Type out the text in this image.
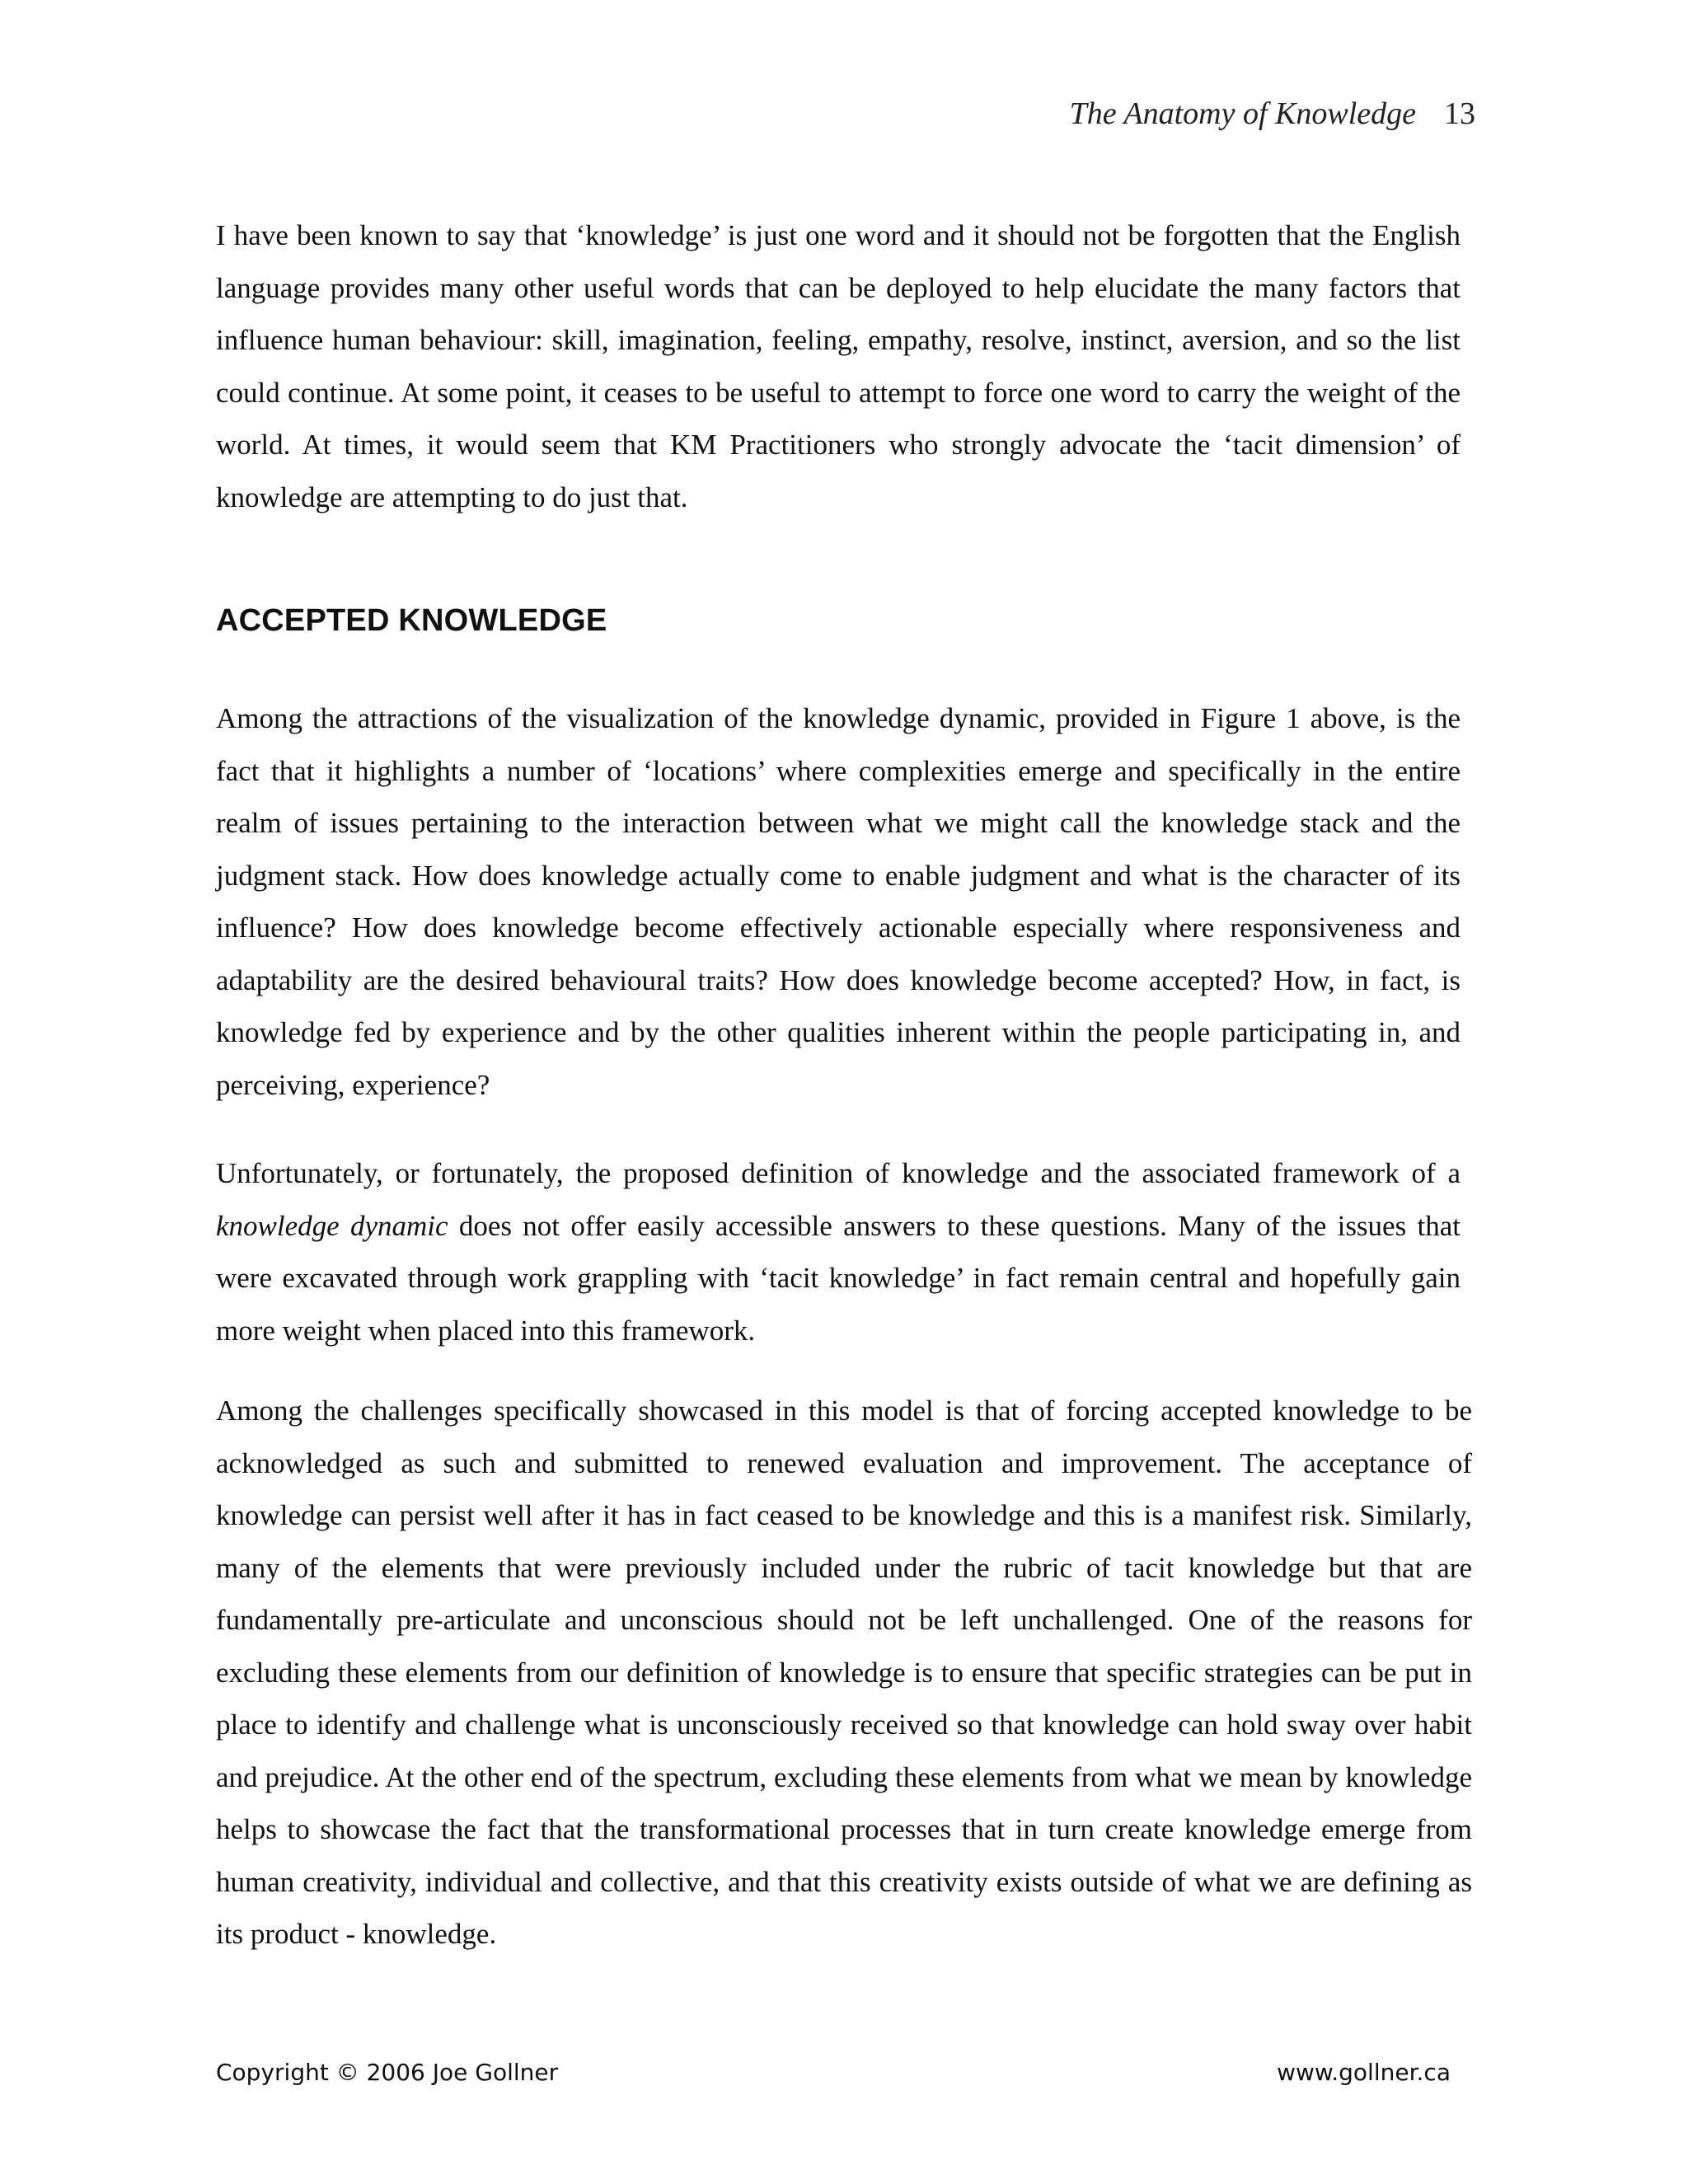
The Anatomy of Knowledge 13

I have been known to say that ‘knowledge’ is just one word and it should not be forgotten that the English language provides many other useful words that can be deployed to help elucidate the many factors that influence human behaviour: skill, imagination, feeling, empathy, resolve, instinct, aversion, and so the list could continue. At some point, it ceases to be useful to attempt to force one word to carry the weight of the world. At times, it would seem that KM Practitioners who strongly advocate the ‘tacit dimension’ of knowledge are attempting to do just that.

ACCEPTED KNOWLEDGE

Among the attractions of the visualization of the knowledge dynamic, provided in Figure 1 above, is the fact that it highlights a number of ‘locations’ where complexities emerge and specifically in the entire realm of issues pertaining to the interaction between what we might call the knowledge stack and the judgment stack. How does knowledge actually come to enable judgment and what is the character of its influence? How does knowledge become effectively actionable especially where responsiveness and adaptability are the desired behavioural traits? How does knowledge become accepted? How, in fact, is knowledge fed by experience and by the other qualities inherent within the people participating in, and perceiving, experience?

Unfortunately, or fortunately, the proposed definition of knowledge and the associated framework of a knowledge dynamic does not offer easily accessible answers to these questions. Many of the issues that were excavated through work grappling with ‘tacit knowledge’ in fact remain central and hopefully gain more weight when placed into this framework.

Among the challenges specifically showcased in this model is that of forcing accepted knowledge to be acknowledged as such and submitted to renewed evaluation and improvement. The acceptance of knowledge can persist well after it has in fact ceased to be knowledge and this is a manifest risk. Similarly, many of the elements that were previously included under the rubric of tacit knowledge but that are fundamentally pre-articulate and unconscious should not be left unchallenged. One of the reasons for excluding these elements from our definition of knowledge is to ensure that specific strategies can be put in place to identify and challenge what is unconsciously received so that knowledge can hold sway over habit and prejudice. At the other end of the spectrum, excluding these elements from what we mean by knowledge helps to showcase the fact that the transformational processes that in turn create knowledge emerge from human creativity, individual and collective, and that this creativity exists outside of what we are defining as its product - knowledge.

Copyright © 2006 Joe Gollner	www.gollner.ca
